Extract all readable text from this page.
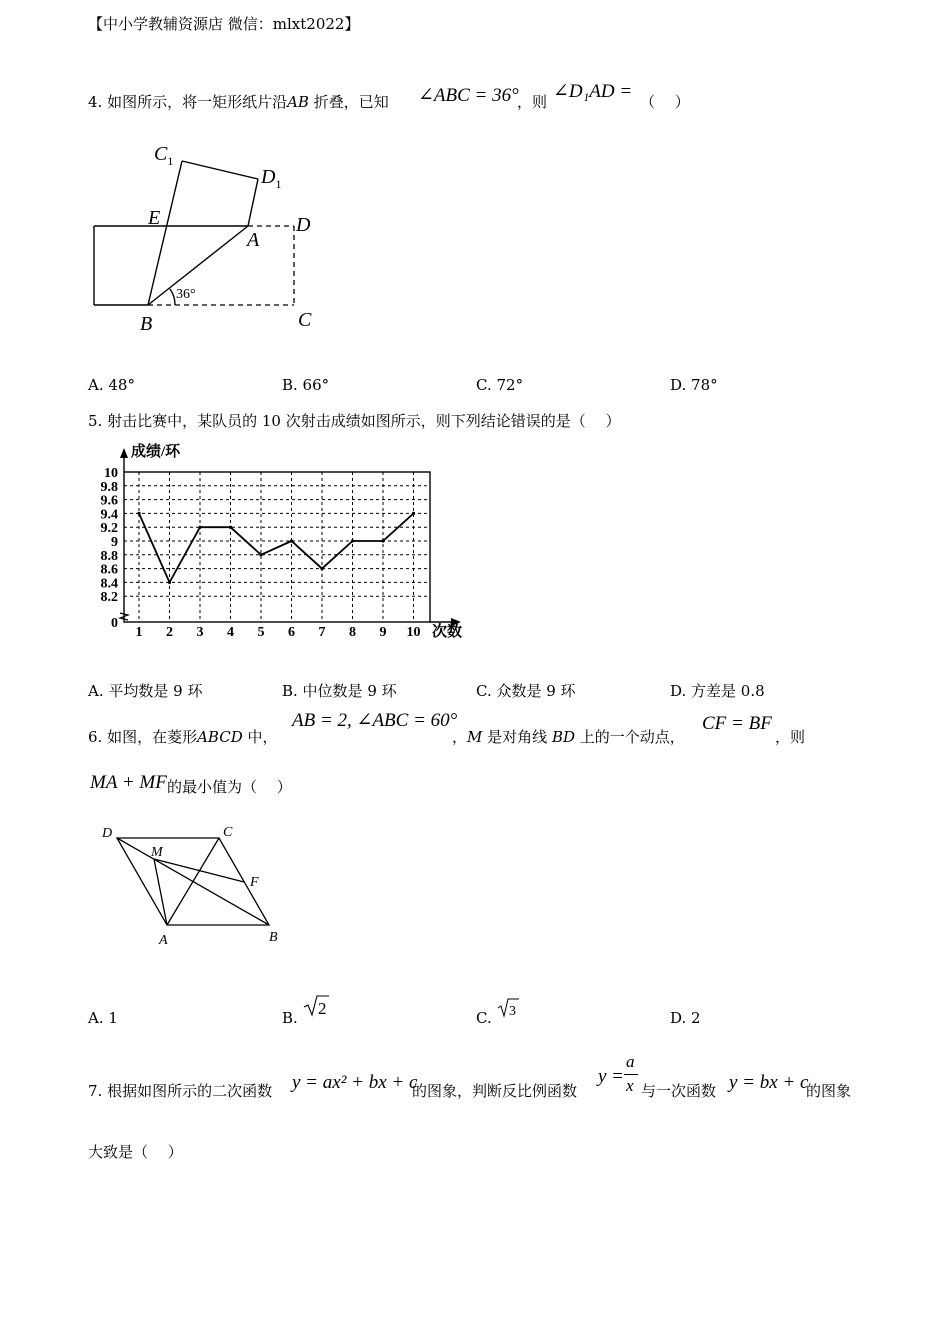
【中小学教辅资源店 微信：mlxt2022】
4. 如图所示，将一矩形纸片沿AB 折叠，已知 ∠ABC = 36°
，则 ∠D₁AD = （　 ）
$C_1$
$D_1$
E
A
D
B	C
36°
A. 48°	B. 66°	C. 72°	D. 78°
5. 射击比赛中，某队员的 10 次射击成绩如图所示，则下列结论错误的是（　 ）
0
8.2
8.4
8.6
8.8
9
9.2
9.4
9.6
9.8
10
1 2 3 4 5 6 7 8 9 10
成绩/环
次数
A. 平均数是 9 环	B. 中位数是 9 环	C. 众数是 9 环	D. 方差是 0.8
6. 如图，在菱形ABCD 中，
AB = 2, ∠ABC = 60°
，M 是对角线 BD 上的一个动点，
CF = BF
，则
MA + MF 的最小值为（　 ）
D	C
M
F
A	B
A. 1	B. 2	C. 3	D. 2
7. 根据如图所示的二次函数 y = ax² + bx + c
的图象，判断反比例函数
y =
a
x 与一次函数 y = bx + c
的图象
大致是（　 ）
